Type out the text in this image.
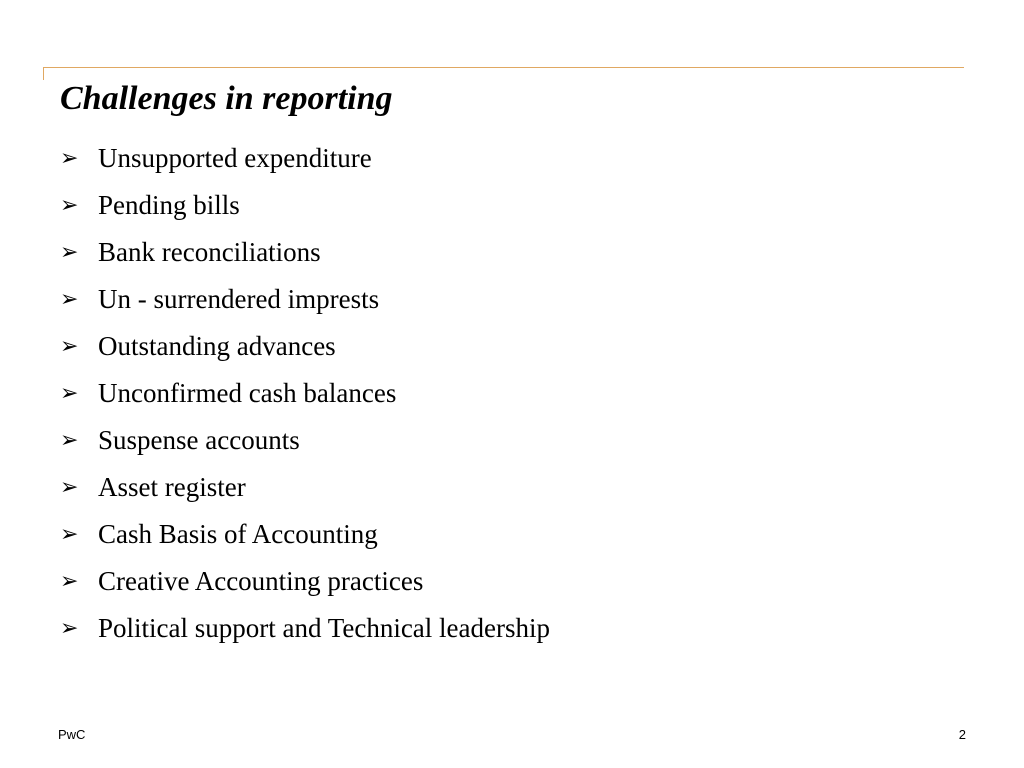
Challenges in reporting
➢ Unsupported expenditure
➢ Pending bills
➢ Bank reconciliations
➢ Un - surrendered imprests
➢ Outstanding advances
➢ Unconfirmed cash balances
➢ Suspense accounts
➢ Asset register
➢ Cash Basis of Accounting
➢ Creative Accounting practices
➢ Political support and Technical leadership
PwC	2
